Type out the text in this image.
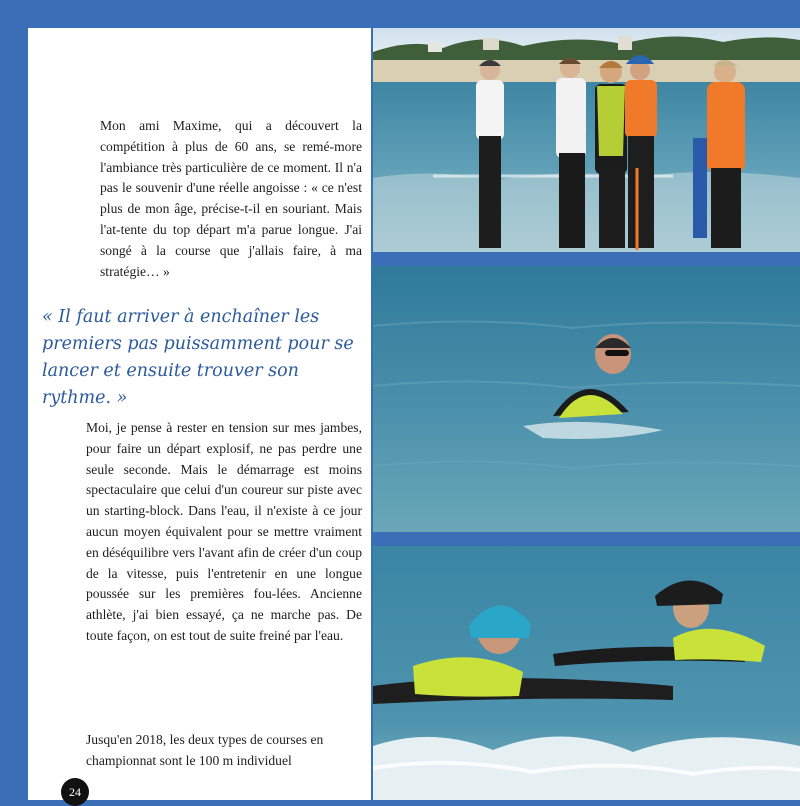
Mon ami Maxime, qui a découvert la compétition à plus de 60 ans, se remé-more l'ambiance très particulière de ce moment. Il n'a pas le souvenir d'une réelle angoisse : « ce n'est plus de mon âge, précise-t-il en souriant. Mais l'at-tente du top départ m'a parue longue. J'ai songé à la course que j'allais faire, à ma stratégie… »

« Il faut arriver à enchaîner les premiers pas puissamment pour se lancer et ensuite trouver son rythme. »

Moi, je pense à rester en tension sur mes jambes, pour faire un départ explosif, ne pas perdre une seule seconde. Mais le démarrage est moins spectaculaire que celui d'un coureur sur piste avec un starting-block. Dans l'eau, il n'existe à ce jour aucun moyen équivalent pour se mettre vraiment en déséquilibre vers l'avant afin de créer d'un coup de la vitesse, puis l'entretenir en une longue poussée sur les premières fou-lées. Ancienne athlète, j'ai bien essayé, ça ne marche pas. De toute façon, on est tout de suite freiné par l'eau.

Jusqu'en 2018, les deux types de courses en championnat sont le 100 m individuel

24
